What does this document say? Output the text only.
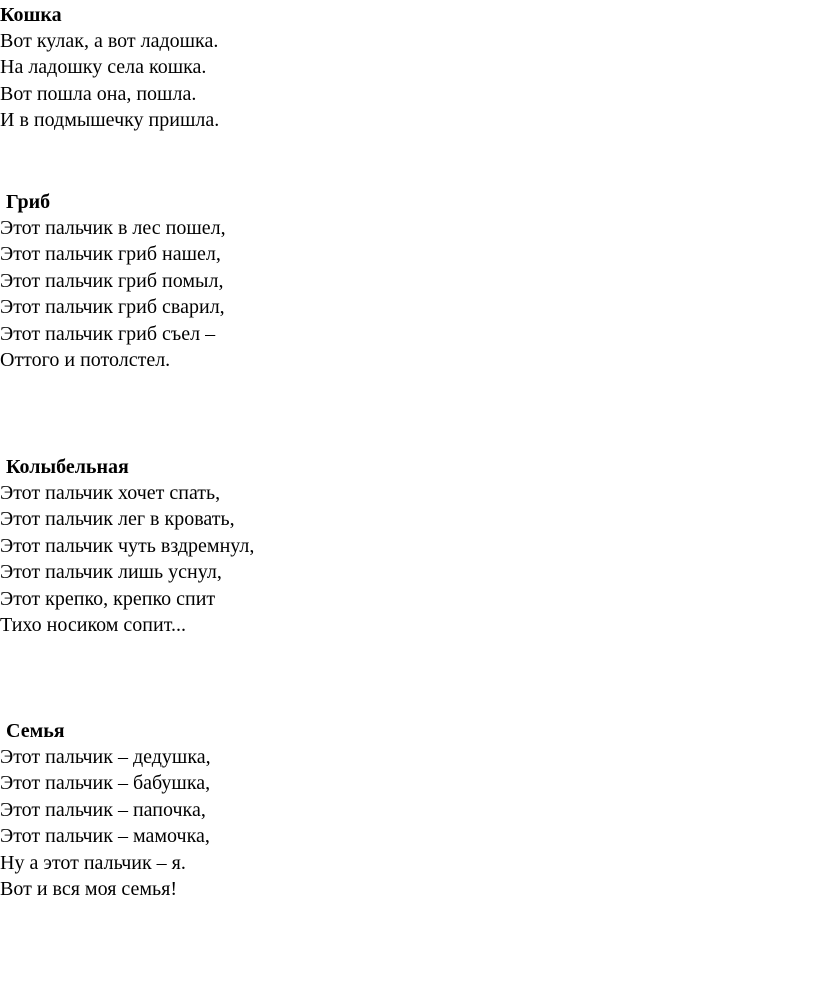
Кошка
Вот кулак, а вот ладошка.
На ладошку села кошка.
Вот пошла она, пошла.
И в подмышечку пришла.
Гриб
Этот пальчик в лес пошел,
Этот пальчик гриб нашел,
Этот пальчик гриб помыл,
Этот пальчик гриб сварил,
Этот пальчик гриб съел –
Оттого и потолстел.
Колыбельная
Этот пальчик хочет спать,
Этот пальчик лег в кровать,
Этот пальчик чуть вздремнул,
Этот пальчик лишь уснул,
Этот крепко, крепко спит
Тихо носиком сопит...
Семья
Этот пальчик – дедушка,
Этот пальчик – бабушка,
Этот пальчик – папочка,
Этот пальчик – мамочка,
Ну а этот пальчик – я.
Вот и вся моя семья!
